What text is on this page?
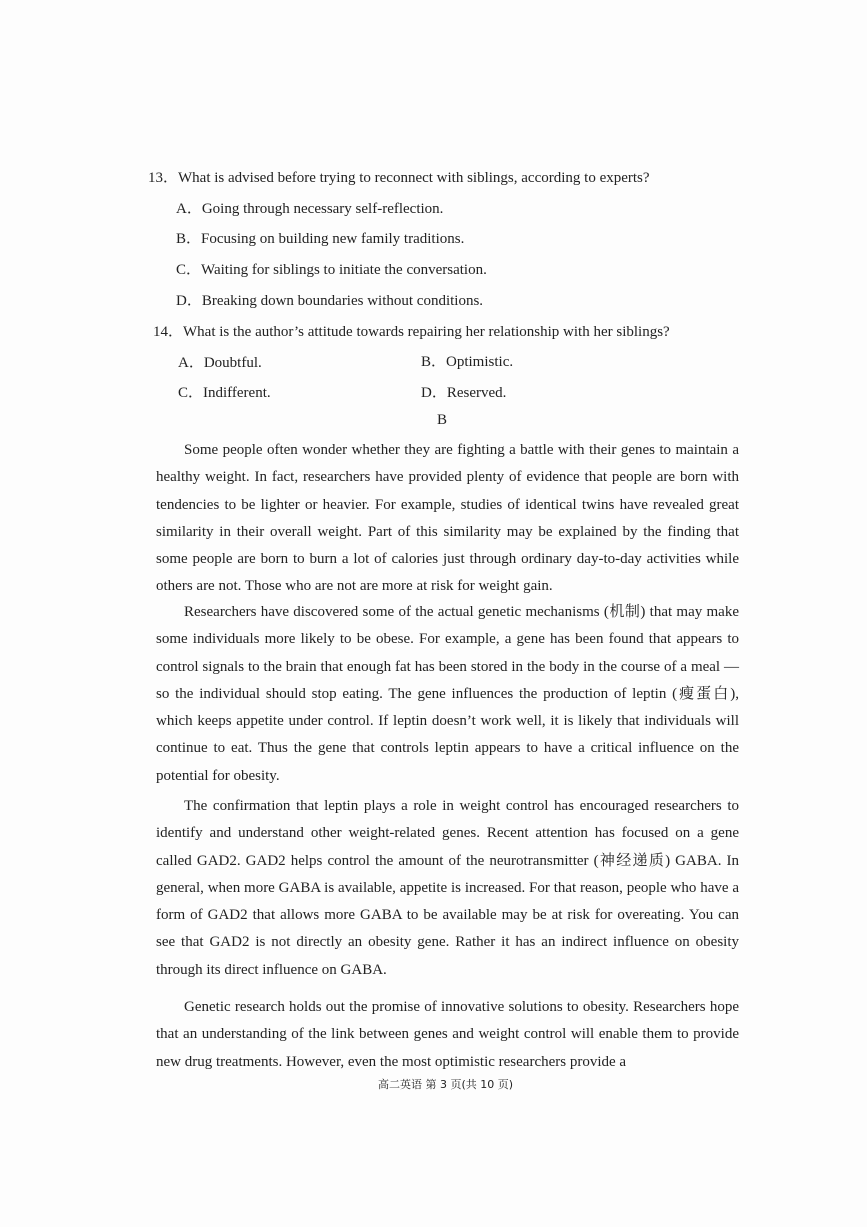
13．What is advised before trying to reconnect with siblings, according to experts?
A．Going through necessary self-reflection.
B．Focusing on building new family traditions.
C．Waiting for siblings to initiate the conversation.
D．Breaking down boundaries without conditions.
14．What is the author’s attitude towards repairing her relationship with her siblings?
A．Doubtful.	B．Optimistic.
C．Indifferent.	D．Reserved.
B
Some people often wonder whether they are fighting a battle with their genes to maintain a healthy weight. In fact, researchers have provided plenty of evidence that people are born with tendencies to be lighter or heavier. For example, studies of identical twins have revealed great similarity in their overall weight. Part of this similarity may be explained by the finding that some people are born to burn a lot of calories just through ordinary day-to-day activities while others are not. Those who are not are more at risk for weight gain.
Researchers have discovered some of the actual genetic mechanisms (机制) that may make some individuals more likely to be obese. For example, a gene has been found that appears to control signals to the brain that enough fat has been stored in the body in the course of a meal — so the individual should stop eating. The gene influences the production of leptin (瘦蛋白), which keeps appetite under control. If leptin doesn’t work well, it is likely that individuals will continue to eat. Thus the gene that controls leptin appears to have a critical influence on the potential for obesity.
The confirmation that leptin plays a role in weight control has encouraged researchers to identify and understand other weight-related genes. Recent attention has focused on a gene called GAD2. GAD2 helps control the amount of the neurotransmitter (神经递质) GABA. In general, when more GABA is available, appetite is increased. For that reason, people who have a form of GAD2 that allows more GABA to be available may be at risk for overeating. You can see that GAD2 is not directly an obesity gene. Rather it has an indirect influence on obesity through its direct influence on GABA.
Genetic research holds out the promise of innovative solutions to obesity. Researchers hope that an understanding of the link between genes and weight control will enable them to provide new drug treatments. However, even the most optimistic researchers provide a
高二英语 第 3 页(共 10 页)
